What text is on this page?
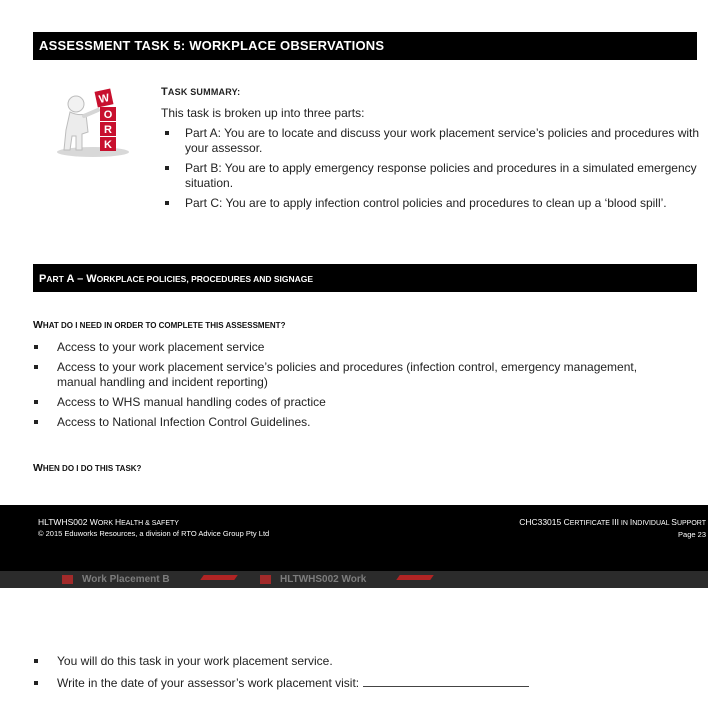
ASSESSMENT TASK 5: WORKPLACE OBSERVATIONS
W
O
R
K
TASK SUMMARY:
This task is broken up into three parts:
Part A: You are to locate and discuss your work placement service’s policies and procedures with your assessor.
Part B: You are to apply emergency response policies and procedures in a simulated emergency situation.
Part C: You are to apply infection control policies and procedures to clean up a ‘blood spill’.
PART A – WORKPLACE POLICIES, PROCEDURES AND SIGNAGE
WHAT DO I NEED IN ORDER TO COMPLETE THIS ASSESSMENT?
Access to your work placement service
Access to your work placement service’s policies and procedures (infection control, emergency management, manual handling and incident reporting)
Access to WHS manual handling codes of practice
Access to National Infection Control Guidelines.
WHEN DO I DO THIS TASK?
HLTWHS002 WORK HEALTH & SAFETY
© 2015 Eduworks Resources, a division of RTO Advice Group Pty Ltd
CHC33015 CERTIFICATE III IN INDIVIDUAL SUPPORT
Page 23
Work Placement B	HLTWHS002 Work
You will do this task in your work placement service.
Write in the date of your assessor’s work placement visit:
